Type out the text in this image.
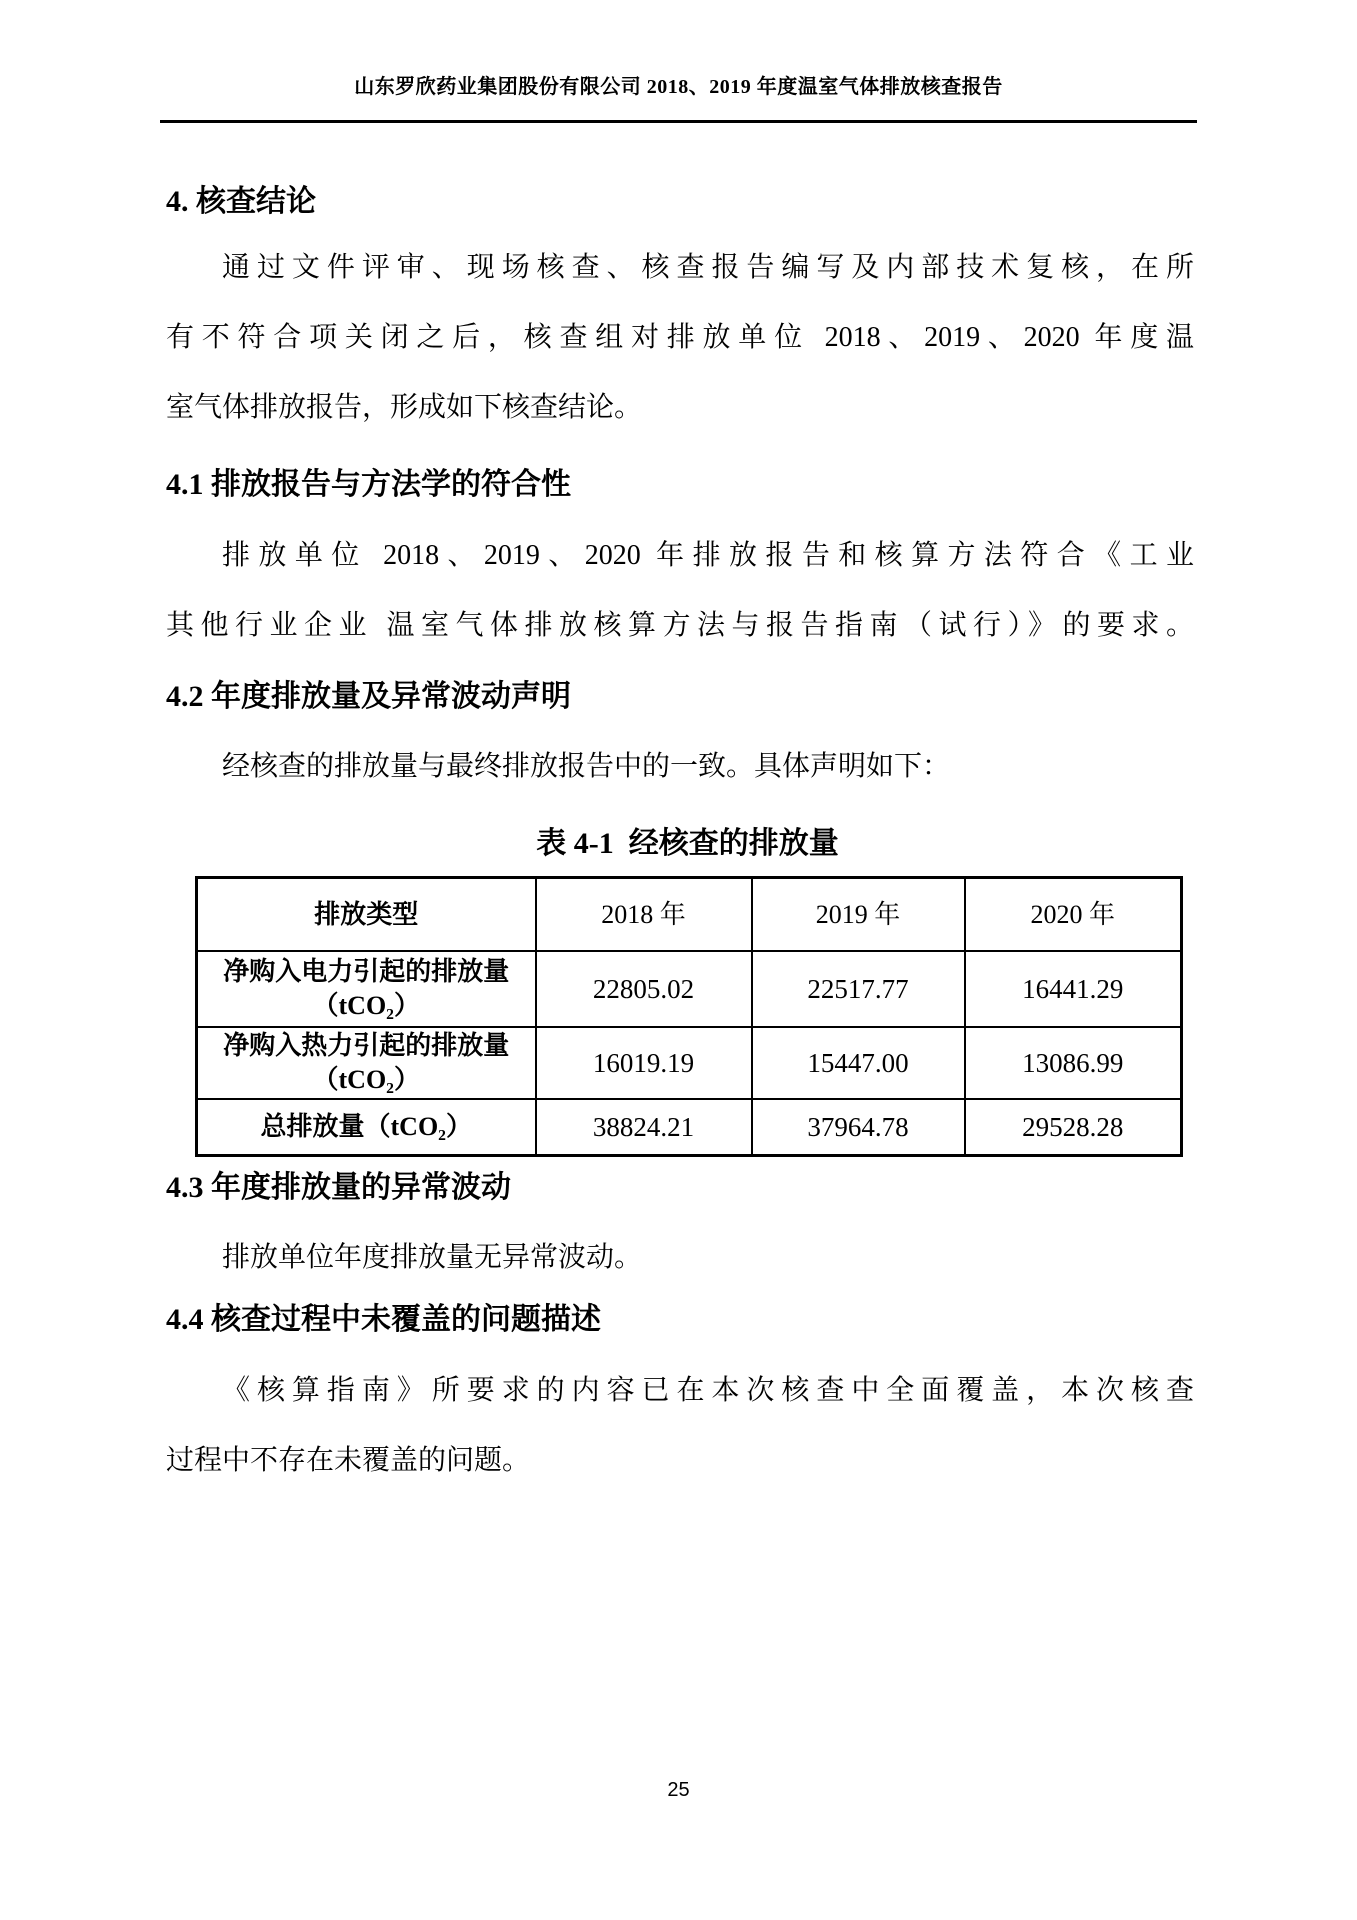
山东罗欣药业集团股份有限公司 2018、2019 年度温室气体排放核查报告
4. 核查结论
通过文件评审、现场核查、核查报告编写及内部技术复核，在所
有不符合项关闭之后，核查组对排放单位 2018、2019、2020 年度温
室气体排放报告，形成如下核查结论。
4.1 排放报告与方法学的符合性
排放单位 2018、2019、2020 年排放报告和核算方法符合《工业
其他行业企业 温室气体排放核算方法与报告指南（试行）》的要求。
4.2 年度排放量及异常波动声明
经核查的排放量与最终排放报告中的一致。具体声明如下：
表 4-1  经核查的排放量
排放类型	2018 年	2019 年	2020 年

净购入电力引起的排放量
（tCO₂）	22805.02	22517.77	16441.29

净购入热力引起的排放量
（tCO₂）	16019.19	15447.00	13086.99

总排放量（tCO₂）	38824.21	37964.78	29528.28
4.3 年度排放量的异常波动
排放单位年度排放量无异常波动。
4.4 核查过程中未覆盖的问题描述
《核算指南》所要求的内容已在本次核查中全面覆盖，本次核查
过程中不存在未覆盖的问题。
25
